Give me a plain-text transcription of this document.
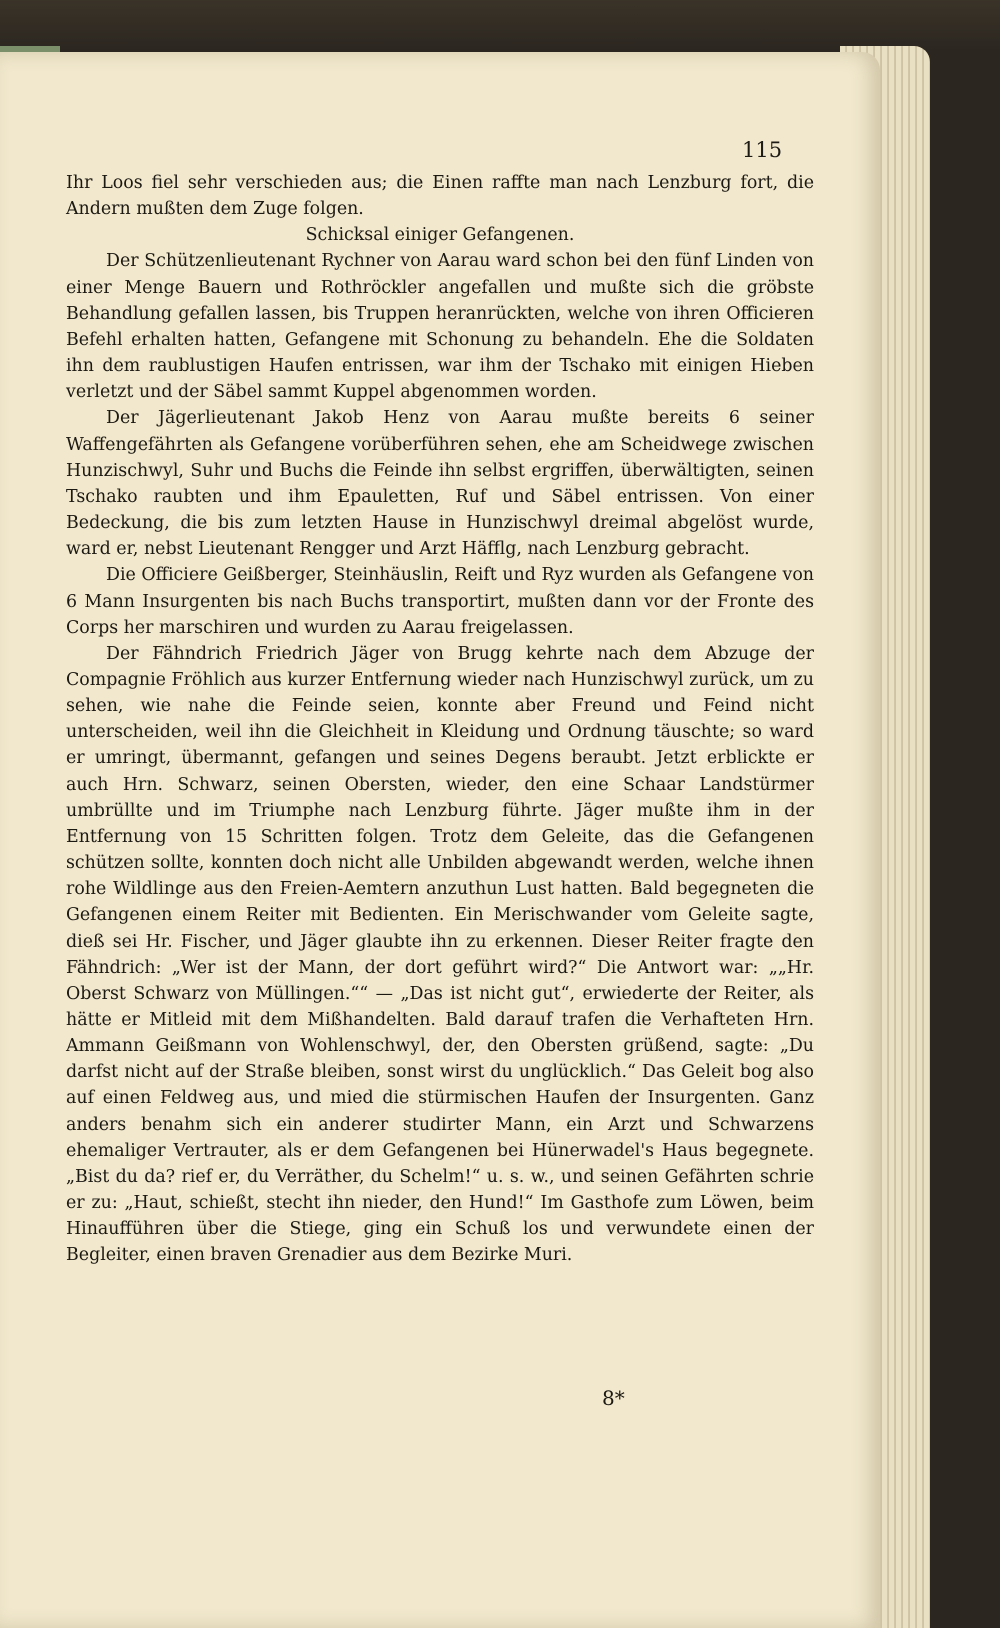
115

Ihr Loos fiel sehr verschieden aus; die Einen raffte man nach Lenzburg fort, die Andern mußten dem Zuge folgen.

Schicksal einiger Gefangenen.

Der Schützenlieutenant Rychner von Aarau ward schon bei den fünf Linden von einer Menge Bauern und Rothröckler angefallen und mußte sich die gröbste Behandlung gefallen lassen, bis Truppen heranrückten, welche von ihren Officieren Befehl erhalten hatten, Gefangene mit Schonung zu behandeln. Ehe die Soldaten ihn dem raublustigen Haufen entrissen, war ihm der Tschako mit einigen Hieben verletzt und der Säbel sammt Kuppel abgenommen worden.

Der Jägerlieutenant Jakob Henz von Aarau mußte bereits 6 seiner Waffengefährten als Gefangene vorüberführen sehen, ehe am Scheidwege zwischen Hunzischwyl, Suhr und Buchs die Feinde ihn selbst ergriffen, überwältigten, seinen Tschako raubten und ihm Epauletten, Ruf und Säbel entrissen. Von einer Bedeckung, die bis zum letzten Hause in Hunzischwyl dreimal abgelöst wurde, ward er, nebst Lieutenant Rengger und Arzt Häfflg, nach Lenzburg gebracht.

Die Officiere Geißberger, Steinhäuslin, Reift und Ryz wurden als Gefangene von 6 Mann Insurgenten bis nach Buchs transportirt, mußten dann vor der Fronte des Corps her marschiren und wurden zu Aarau freigelassen.

Der Fähndrich Friedrich Jäger von Brugg kehrte nach dem Abzuge der Compagnie Fröhlich aus kurzer Entfernung wieder nach Hunzischwyl zurück, um zu sehen, wie nahe die Feinde seien, konnte aber Freund und Feind nicht unterscheiden, weil ihn die Gleichheit in Kleidung und Ordnung täuschte; so ward er umringt, übermannt, gefangen und seines Degens beraubt. Jetzt erblickte er auch Hrn. Schwarz, seinen Obersten, wieder, den eine Schaar Landstürmer umbrüllte und im Triumphe nach Lenzburg führte. Jäger mußte ihm in der Entfernung von 15 Schritten folgen. Trotz dem Geleite, das die Gefangenen schützen sollte, konnten doch nicht alle Unbilden abgewandt werden, welche ihnen rohe Wildlinge aus den Freien-Aemtern anzuthun Lust hatten. Bald begegneten die Gefangenen einem Reiter mit Bedienten. Ein Merischwander vom Geleite sagte, dieß sei Hr. Fischer, und Jäger glaubte ihn zu erkennen. Dieser Reiter fragte den Fähndrich: „Wer ist der Mann, der dort geführt wird?“ Die Antwort war: „„Hr. Oberst Schwarz von Müllingen.““ — „Das ist nicht gut“, erwiederte der Reiter, als hätte er Mitleid mit dem Mißhandelten. Bald darauf trafen die Verhafteten Hrn. Ammann Geißmann von Wohlenschwyl, der, den Obersten grüßend, sagte: „Du darfst nicht auf der Straße bleiben, sonst wirst du unglücklich.“ Das Geleit bog also auf einen Feldweg aus, und mied die stürmischen Haufen der Insurgenten. Ganz anders benahm sich ein anderer studirter Mann, ein Arzt und Schwarzens ehemaliger Vertrauter, als er dem Gefangenen bei Hünerwadel's Haus begegnete. „Bist du da? rief er, du Verräther, du Schelm!“ u. s. w., und seinen Gefährten schrie er zu: „Haut, schießt, stecht ihn nieder, den Hund!“ Im Gasthofe zum Löwen, beim Hinaufführen über die Stiege, ging ein Schuß los und verwundete einen der Begleiter, einen braven Grenadier aus dem Bezirke Muri.

8*
